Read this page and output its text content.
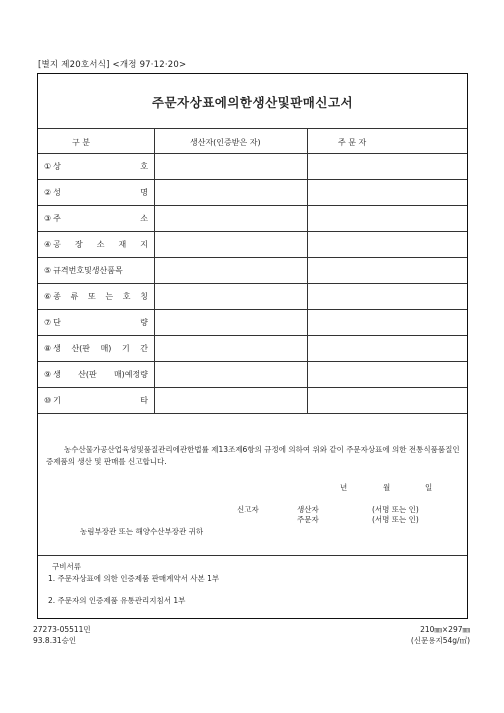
[별지 제20호서식] <개정 97·12·20>
주문자상표에의한생산및판매신고서
구 분	생산자(인증받은 자)	주 문 자
① 상	호
② 성	명
③ 주	소
④ 공 장 소 재 지
⑤ 규격번호및생산품목
⑥ 종 류 또 는 호 칭
⑦ 단	량
⑧ 생 산(판 매) 기 간
⑨ 생 산(판 매)예정량
⑩ 기	타
농수산물가공산업육성및품질관리에관한법률 제13조제6항의 규정에 의하여 위와 같이 주문자상표에 의한 전통식품품질인증제품의 생산 및 판매를 신고합니다.
년	월	일
신고자	생산자	(서명 또는 인)
주문자	(서명 또는 인)
농림부장관 또는 해양수산부장관 귀하
구비서류
1. 주문자상표에 의한 인증제품 판매계약서 사본 1부
2. 주문자의 인증제품 유통관리지침서 1부
27273-05511민
93.8.31승인
210㎜×297㎜
(신문용지54g/㎡)
